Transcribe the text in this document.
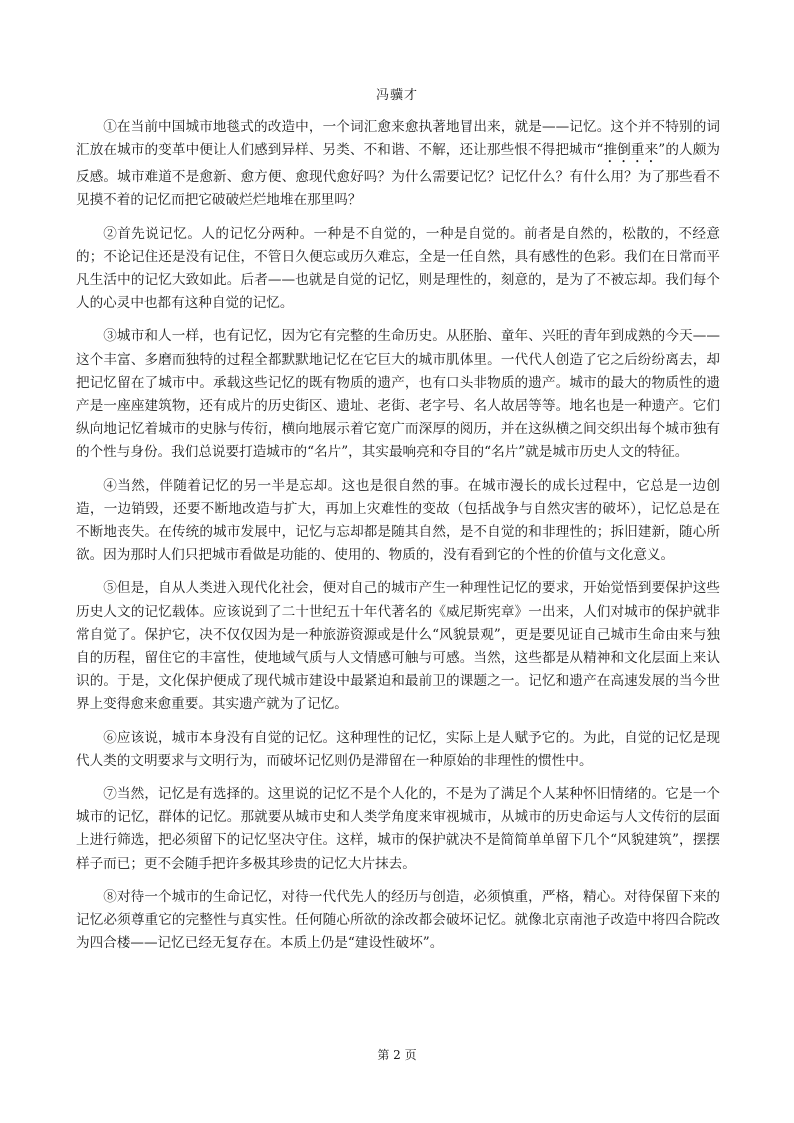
冯骥才

①在当前中国城市地毯式的改造中，一个词汇愈来愈执著地冒出来，就是——记忆。这个并不特别的词汇放在城市的变革中便让人们感到异样、另类、不和谐、不解，还让那些恨不得把城市“推倒重来”的人颇为反感。城市难道不是愈新、愈方便、愈现代愈好吗？为什么需要记忆？记忆什么？有什么用？为了那些看不见摸不着的记忆而把它破破烂烂地堆在那里吗？

②首先说记忆。人的记忆分两种。一种是不自觉的，一种是自觉的。前者是自然的，松散的，不经意的；不论记住还是没有记住，不管日久便忘或历久难忘，全是一任自然，具有感性的色彩。我们在日常而平凡生活中的记忆大致如此。后者——也就是自觉的记忆，则是理性的，刻意的，是为了不被忘却。我们每个人的心灵中也都有这种自觉的记忆。

③城市和人一样，也有记忆，因为它有完整的生命历史。从胚胎、童年、兴旺的青年到成熟的今天——这个丰富、多磨而独特的过程全都默默地记忆在它巨大的城市肌体里。一代代人创造了它之后纷纷离去，却把记忆留在了城市中。承载这些记忆的既有物质的遗产，也有口头非物质的遗产。城市的最大的物质性的遗产是一座座建筑物，还有成片的历史街区、遗址、老街、老字号、名人故居等等。地名也是一种遗产。它们纵向地记忆着城市的史脉与传衍，横向地展示着它宽广而深厚的阅历，并在这纵横之间交织出每个城市独有的个性与身份。我们总说要打造城市的“名片”，其实最响亮和夺目的“名片”就是城市历史人文的特征。

④当然，伴随着记忆的另一半是忘却。这也是很自然的事。在城市漫长的成长过程中，它总是一边创造，一边销毁，还要不断地改造与扩大，再加上灾难性的变故（包括战争与自然灾害的破坏），记忆总是在不断地丧失。在传统的城市发展中，记忆与忘却都是随其自然，是不自觉的和非理性的；拆旧建新，随心所欲。因为那时人们只把城市看做是功能的、使用的、物质的，没有看到它的个性的价值与文化意义。

⑤但是，自从人类进入现代化社会，便对自己的城市产生一种理性记忆的要求，开始觉悟到要保护这些历史人文的记忆载体。应该说到了二十世纪五十年代著名的《威尼斯宪章》一出来，人们对城市的保护就非常自觉了。保护它，决不仅仅因为是一种旅游资源或是什么“风貌景观”，更是要见证自己城市生命由来与独自的历程，留住它的丰富性，使地域气质与人文情感可触与可感。当然，这些都是从精神和文化层面上来认识的。于是，文化保护便成了现代城市建设中最紧迫和最前卫的课题之一。记忆和遗产在高速发展的当今世界上变得愈来愈重要。其实遗产就为了记忆。

⑥应该说，城市本身没有自觉的记忆。这种理性的记忆，实际上是人赋予它的。为此，自觉的记忆是现代人类的文明要求与文明行为，而破坏记忆则仍是滞留在一种原始的非理性的惯性中。

⑦当然，记忆是有选择的。这里说的记忆不是个人化的，不是为了满足个人某种怀旧情绪的。它是一个城市的记忆，群体的记忆。那就要从城市史和人类学角度来审视城市，从城市的历史命运与人文传衍的层面上进行筛选，把必须留下的记忆坚决守住。这样，城市的保护就决不是简简单单留下几个“风貌建筑”，摆摆样子而已；更不会随手把许多极其珍贵的记忆大片抹去。

⑧对待一个城市的生命记忆，对待一代代先人的经历与创造，必须慎重，严格，精心。对待保留下来的记忆必须尊重它的完整性与真实性。任何随心所欲的涂改都会破坏记忆。就像北京南池子改造中将四合院改为四合楼——记忆已经无复存在。本质上仍是“建设性破坏”。

第 2 页
